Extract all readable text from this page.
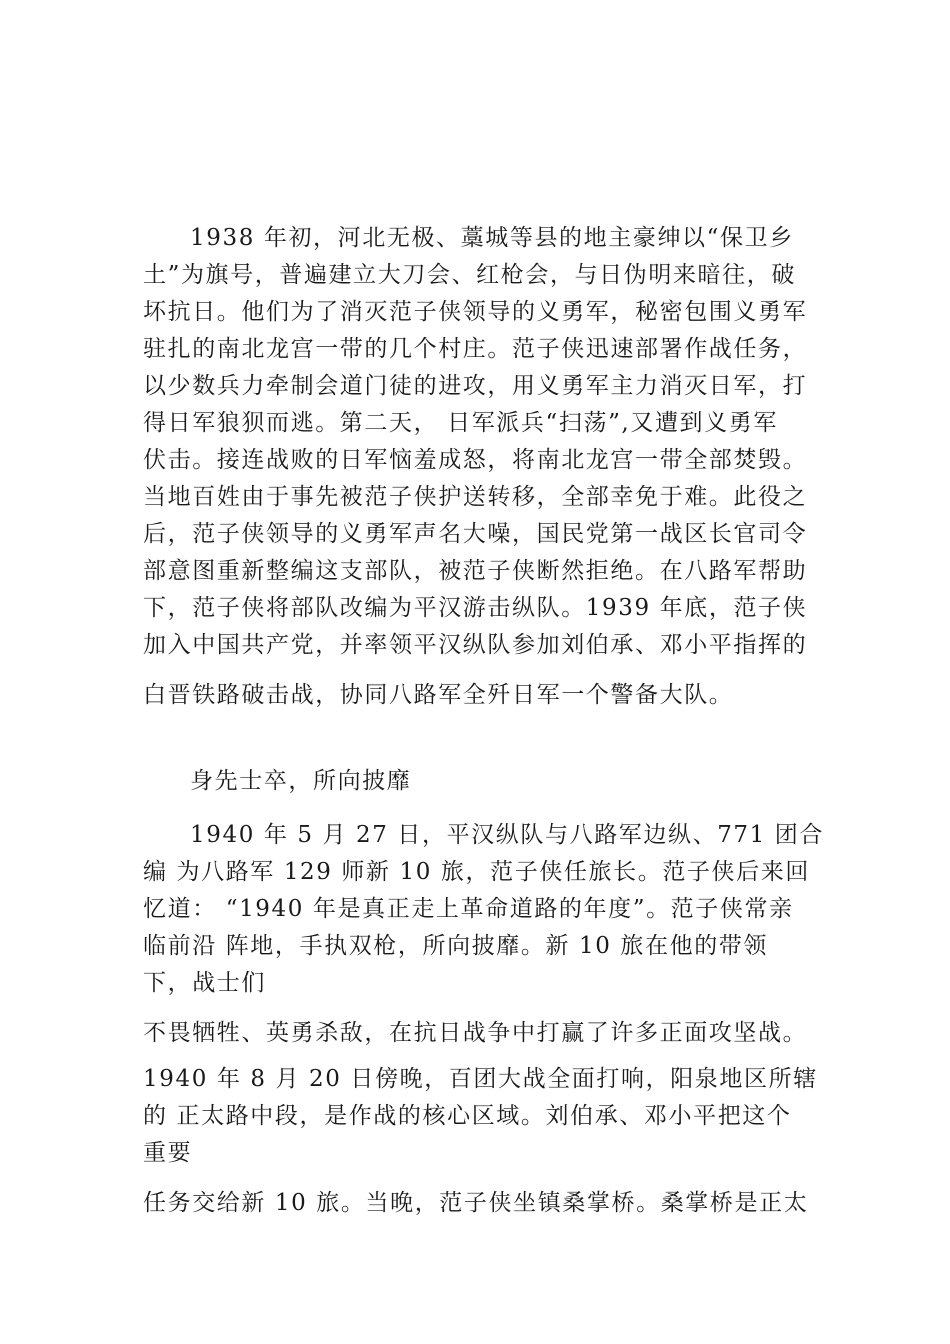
1938 年初，河北无极、藁城等县的地主豪绅以“保卫乡
土”为旗号，普遍建立大刀会、红枪会，与日伪明来暗往，破
坏抗日。他们为了消灭范子侠领导的义勇军，秘密包围义勇军
驻扎的南北龙宫一带的几个村庄。范子侠迅速部署作战任务，
以少数兵力牵制会道门徒的进攻，用义勇军主力消灭日军，打
得日军狼狈而逃。第二天， 日军派兵“扫荡”,又遭到义勇军
伏击。接连战败的日军恼羞成怒，将南北龙宫一带全部焚毁。
当地百姓由于事先被范子侠护送转移，全部幸免于难。此役之
后，范子侠领导的义勇军声名大噪，国民党第一战区长官司令
部意图重新整编这支部队，被范子侠断然拒绝。在八路军帮助
下，范子侠将部队改编为平汉游击纵队。1939 年底，范子侠
加入中国共产党，并率领平汉纵队参加刘伯承、邓小平指挥的
白晋铁路破击战，协同八路军全歼日军一个警备大队。
身先士卒，所向披靡
1940 年 5 月 27 日，平汉纵队与八路军边纵、771 团合
编 为八路军 129 师新 10 旅，范子侠任旅长。范子侠后来回
忆道： “1940 年是真正走上革命道路的年度”。范子侠常亲
临前沿 阵地，手执双枪，所向披靡。新 10 旅在他的带领
下，战士们
不畏牺牲、英勇杀敌，在抗日战争中打赢了许多正面攻坚战。
1940 年 8 月 20 日傍晚，百团大战全面打响，阳泉地区所辖
的 正太路中段，是作战的核心区域。刘伯承、邓小平把这个
重要
任务交给新 10 旅。当晚，范子侠坐镇桑掌桥。桑掌桥是正太
